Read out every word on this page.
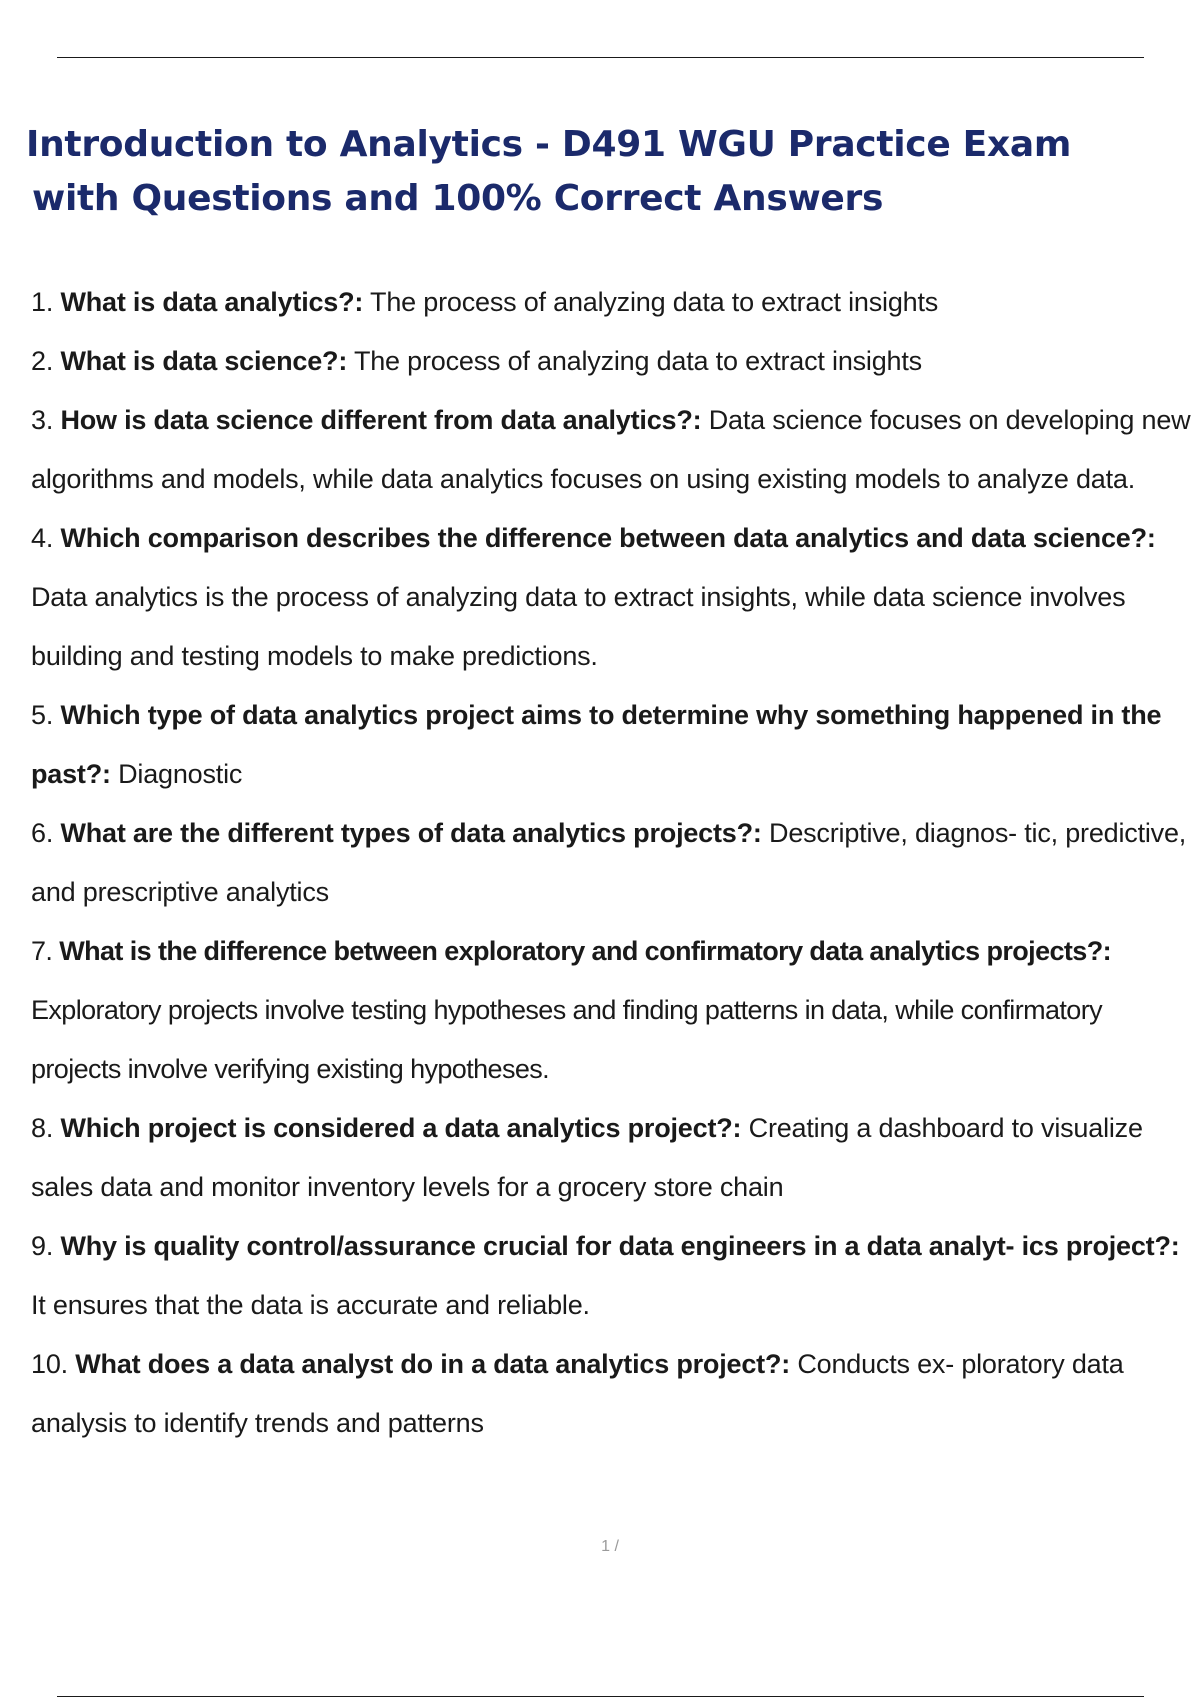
Introduction to Analytics - D491 WGU Practice Exam
with Questions and 100% Correct Answers
1. What is data analytics?: The process of analyzing data to extract insights
2. What is data science?: The process of analyzing data to extract insights
3. How is data science different from data analytics?: Data science focuses on developing new algorithms and models, while data analytics focuses on using existing models to analyze data.
4. Which comparison describes the difference between data analytics and data science?: Data analytics is the process of analyzing data to extract insights, while data science involves building and testing models to make predictions.
5. Which type of data analytics project aims to determine why something happened in the past?: Diagnostic
6. What are the different types of data analytics projects?: Descriptive, diagnos- tic, predictive, and prescriptive analytics
7. What is the difference between exploratory and confirmatory data analytics projects?: Exploratory projects involve testing hypotheses and finding patterns in data, while confirmatory projects involve verifying existing hypotheses.
8. Which project is considered a data analytics project?: Creating a dashboard to visualize sales data and monitor inventory levels for a grocery store chain
9. Why is quality control/assurance crucial for data engineers in a data analyt- ics project?: It ensures that the data is accurate and reliable.
10. What does a data analyst do in a data analytics project?: Conducts ex- ploratory data analysis to identify trends and patterns
1 /
